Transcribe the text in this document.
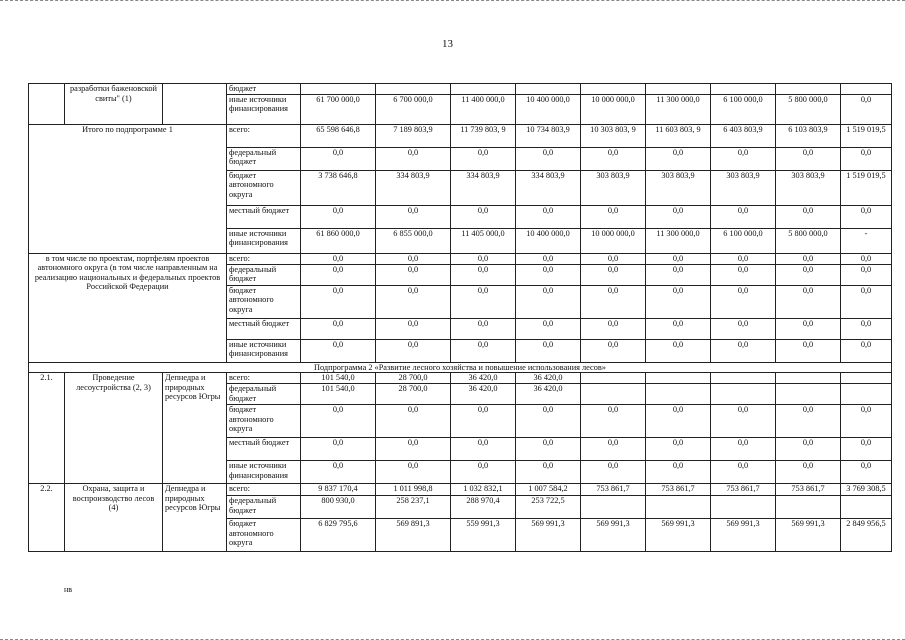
13
	разработки баженовской свиты" (1)		бюджет									
			иные источники финансирования	61 700 000,0	6 700 000,0	11 400 000,0	10 400 000,0	10 000 000,0	11 300 000,0	6 100 000,0	5 800 000,0	0,0
Итого по подпрограмме 1			всего:	65 598 646,8	7 189 803,9	11 739 803, 9	10 734 803,9	10 303 803, 9	11 603 803, 9	6 403 803,9	6 103 803,9	1 519 019,5
			федеральный бюджет	0,0	0,0	0,0	0,0	0,0	0,0	0,0	0,0	0,0
			бюджет автономного округа	3 738 646,8	334 803,9	334 803,9	334 803,9	303 803,9	303 803,9	303 803,9	303 803,9	1 519 019,5
			местный бюджет	0,0	0,0	0,0	0,0	0,0	0,0	0,0	0,0	0,0
			иные источники финансирования	61 860 000,0	6 855 000,0	11 405 000,0	10 400 000,0	10 000 000,0	11 300 000,0	6 100 000,0	5 800 000,0	-
в том числе по проектам, портфелям проектов автономного округа (в том числе направленным на реализацию национальных и федеральных проектов Российской Федерации			всего:	0,0	0,0	0,0	0,0	0,0	0,0	0,0	0,0	0,0
			федеральный бюджет	0,0	0,0	0,0	0,0	0,0	0,0	0,0	0,0	0,0
			бюджет автономного округа	0,0	0,0	0,0	0,0	0,0	0,0	0,0	0,0	0,0
			местный бюджет	0,0	0,0	0,0	0,0	0,0	0,0	0,0	0,0	0,0
			иные источники финансирования	0,0	0,0	0,0	0,0	0,0	0,0	0,0	0,0	0,0
Подпрограмма 2 «Развитие лесного хозяйства и повышение использования лесов»												
2.1.	Проведение лесоустройства (2, 3)	Депнедра и природных ресурсов Югры	всего:	101 540,0	28 700,0	36 420,0	36 420,0					
			федеральный бюджет	101 540,0	28 700,0	36 420,0	36 420,0					
			бюджет автономного округа	0,0	0,0	0,0	0,0	0,0	0,0	0,0	0,0	0,0
			местный бюджет	0,0	0,0	0,0	0,0	0,0	0,0	0,0	0,0	0,0
			иные источники финансирования	0,0	0,0	0,0	0,0	0,0	0,0	0,0	0,0	0,0
2.2.	Охрана, защита и воспроизводство лесов (4)	Депнедра и природных ресурсов Югры	всего:	9 837 170,4	1 011 998,8	1 032 832,1	1 007 584,2	753 861,7	753 861,7	753 861,7	753 861,7	3 769 308,5
			федеральный бюджет	800 930,0	258 237,1	288 970,4	253 722,5					
			бюджет автономного округа	6 829 795,6	569 891,3	559 991,3	569 991,3	569 991,3	569 991,3	569 991,3	569 991,3	2 849 956,5
нв
